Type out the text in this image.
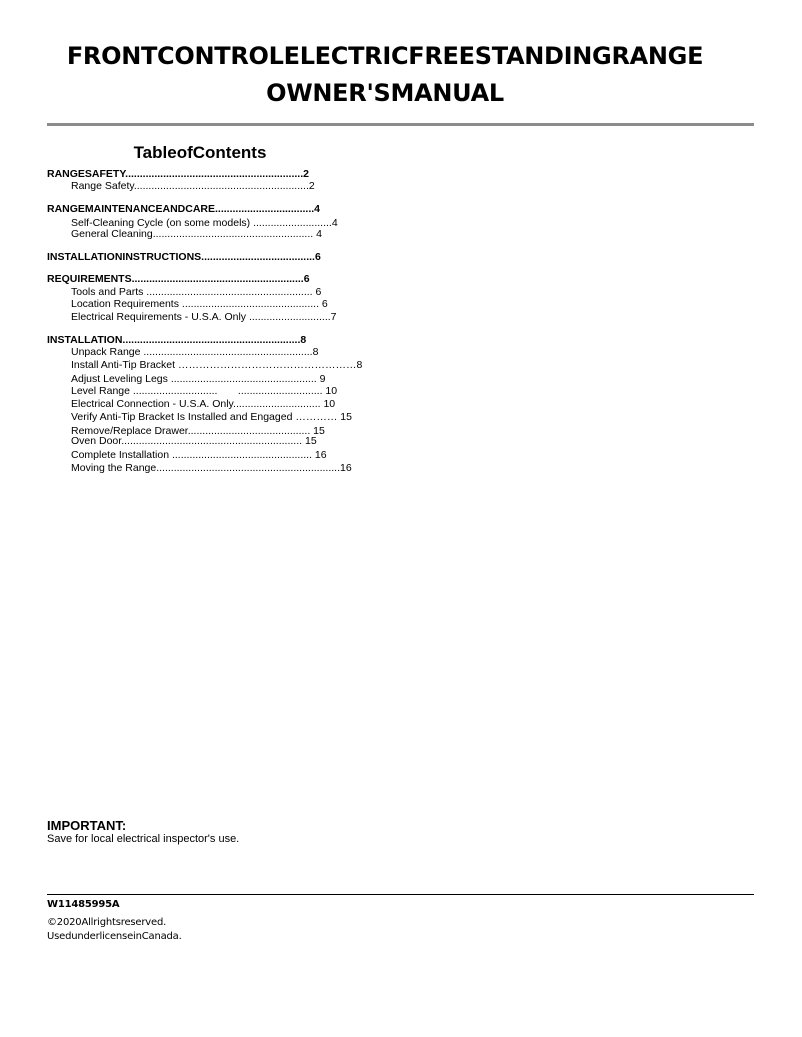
FRONTCONTROLELECTRICFREESTANDINGRANGE
OWNER'SMANUAL
TableofContents
RANGESAFETY.............................................................2
Range Safety............................................................2
RANGEMAINTENANCEANDCARE..................................4
Self-Cleaning Cycle (on some models) ...........................4
General Cleaning....................................................... 4
INSTALLATIONINSTRUCTIONS.......................................6
REQUIREMENTS...........................................................6
Tools and Parts ......................................................... 6
Location Requirements ............................................... 6
Electrical Requirements - U.S.A. Only ............................7
INSTALLATION.............................................................8
Unpack Range ..........................................................8
Install Anti-Tip Bracket ……………………………………………8
Adjust Leveling Legs .................................................. 9
Level Range .............................       ............................. 10
Electrical Connection - U.S.A. Only.............................. 10
Verify Anti-Tip Bracket Is Installed and Engaged ………… 15
Remove/Replace Drawer.......................................... 15
Oven Door.............................................................. 15
Complete Installation ................................................ 16
Moving the Range...............................................................16
IMPORTANT:
Save for local electrical inspector's use.
W11485995A
©2020Allrightsreserved.
UsedunderlicenseinCanada.
